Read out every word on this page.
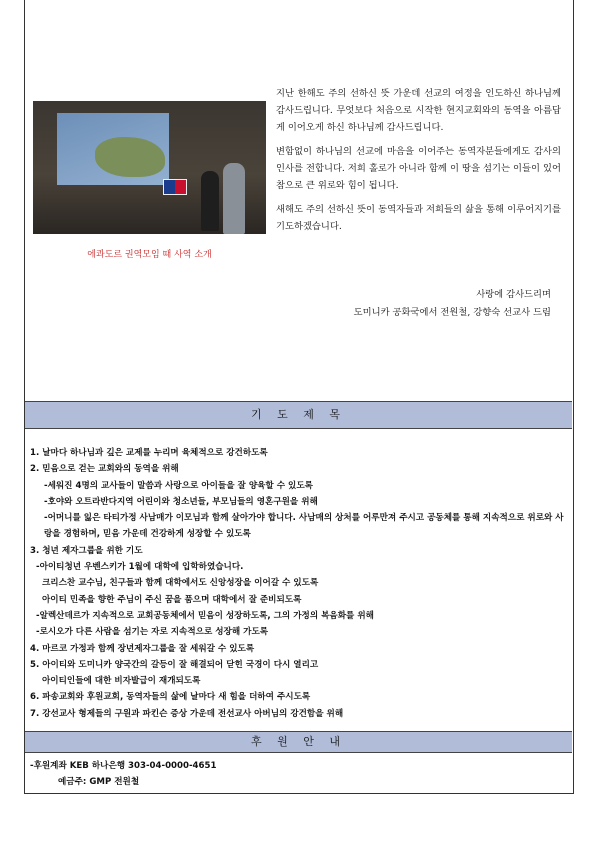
에콰도르 권역모임 때 사역 소개

지난 한해도 주의 선하신 뜻 가운데 선교의 여정을 인도하신 하나님께 감사드립니다. 무엇보다 처음으로 시작한 현지교회와의 동역을 아름답게 이어오게 하신 하나님께 감사드립니다.

변함없이 하나님의 선교에 마음을 이어주는 동역자분들에게도 감사의 인사를 전합니다. 저희 홀로가 아니라 함께 이 땅을 섬기는 이들이 있어 참으로 큰 위로와 힘이 됩니다.

새해도 주의 선하신 뜻이 동역자들과 저희들의 삶을 통해 이루어지기를 기도하겠습니다.

사랑에 감사드리며
도미니카 공화국에서 전원철, 강향숙 선교사 드림
기 도 제 목
1. 날마다 하나님과 깊은 교제를 누리며 육체적으로 강건하도록
2. 믿음으로 걷는 교회와의 동역을 위해
-세워진 4명의 교사들이 말씀과 사랑으로 아이들을 잘 양육할 수 있도록
-호야와 오트라반다지역 어린이와 청소년들, 부모님들의 영혼구원을 위해
-어머니를 잃은 타티가정 사남매가 이모님과 함께 살아가야 합니다. 사남매의 상처를 어루만져 주시고 공동체를 통해 지속적으로 위로와 사랑을 경험하며, 믿음 가운데 건강하게 성장할 수 있도록
3. 청년 제자그룹을 위한 기도
-아이티청년 우벤스키가 1월에 대학에 입학하였습니다.
크리스찬 교수님, 친구들과 함께 대학에서도 신앙성장을 이어갈 수 있도록
아이티 민족을 향한 주님이 주신 꿈을 품으며 대학에서 잘 준비되도록
-알렉산데르가 지속적으로 교회공동체에서 믿음이 성장하도록, 그의 가정의 복음화를 위해
-로시오가 다른 사람을 섬기는 자로 지속적으로 성장해 가도록
4. 마르코 가정과 함께 장년제자그룹을 잘 세워갈 수 있도록
5. 아이티와 도미니카 양국간의 갈등이 잘 해결되어 닫힌 국경이 다시 열리고
아이티인들에 대한 비자발급이 재개되도록
6. 파송교회와 후원교회, 동역자들의 삶에 날마다 새 힘을 더하여 주시도록
7. 강선교사 형제들의 구원과 파킨슨 증상 가운데 전선교사 아버님의 강건함을 위해
후 원 안 내
-후원계좌 KEB 하나은행 303-04-0000-4651
예금주: GMP 전원철
